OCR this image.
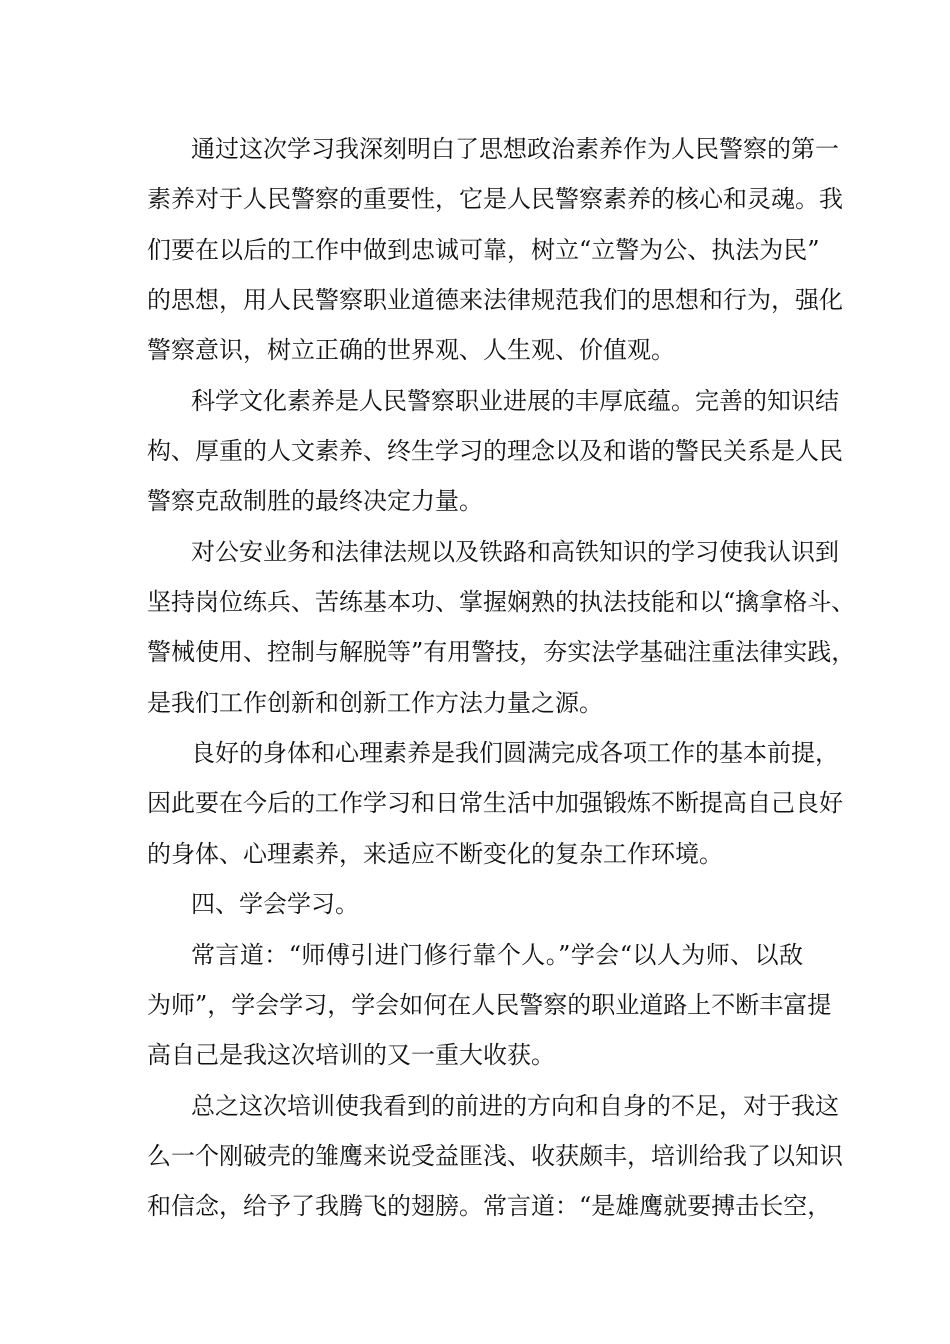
通过这次学习我深刻明白了思想政治素养作为人民警察的第一
素养对于人民警察的重要性，它是人民警察素养的核心和灵魂。我
们要在以后的工作中做到忠诚可靠，树立“立警为公、执法为民”
的思想，用人民警察职业道德来法律规范我们的思想和行为，强化
警察意识，树立正确的世界观、人生观、价值观。
科学文化素养是人民警察职业进展的丰厚底蕴。完善的知识结
构、厚重的人文素养、终生学习的理念以及和谐的警民关系是人民
警察克敌制胜的最终决定力量。
对公安业务和法律法规以及铁路和高铁知识的学习使我认识到
坚持岗位练兵、苦练基本功、掌握娴熟的执法技能和以“擒拿格斗、
警械使用、控制与解脱等”有用警技，夯实法学基础注重法律实践，
是我们工作创新和创新工作方法力量之源。
良好的身体和心理素养是我们圆满完成各项工作的基本前提，
因此要在今后的工作学习和日常生活中加强锻炼不断提高自己良好
的身体、心理素养，来适应不断变化的复杂工作环境。
四、学会学习。
常言道：“师傅引进门修行靠个人。”学会“以人为师、以敌
为师”，学会学习，学会如何在人民警察的职业道路上不断丰富提
高自己是我这次培训的又一重大收获。
总之这次培训使我看到的前进的方向和自身的不足，对于我这
么一个刚破壳的雏鹰来说受益匪浅、收获颇丰，培训给我了以知识
和信念，给予了我腾飞的翅膀。常言道：“是雄鹰就要搏击长空，
